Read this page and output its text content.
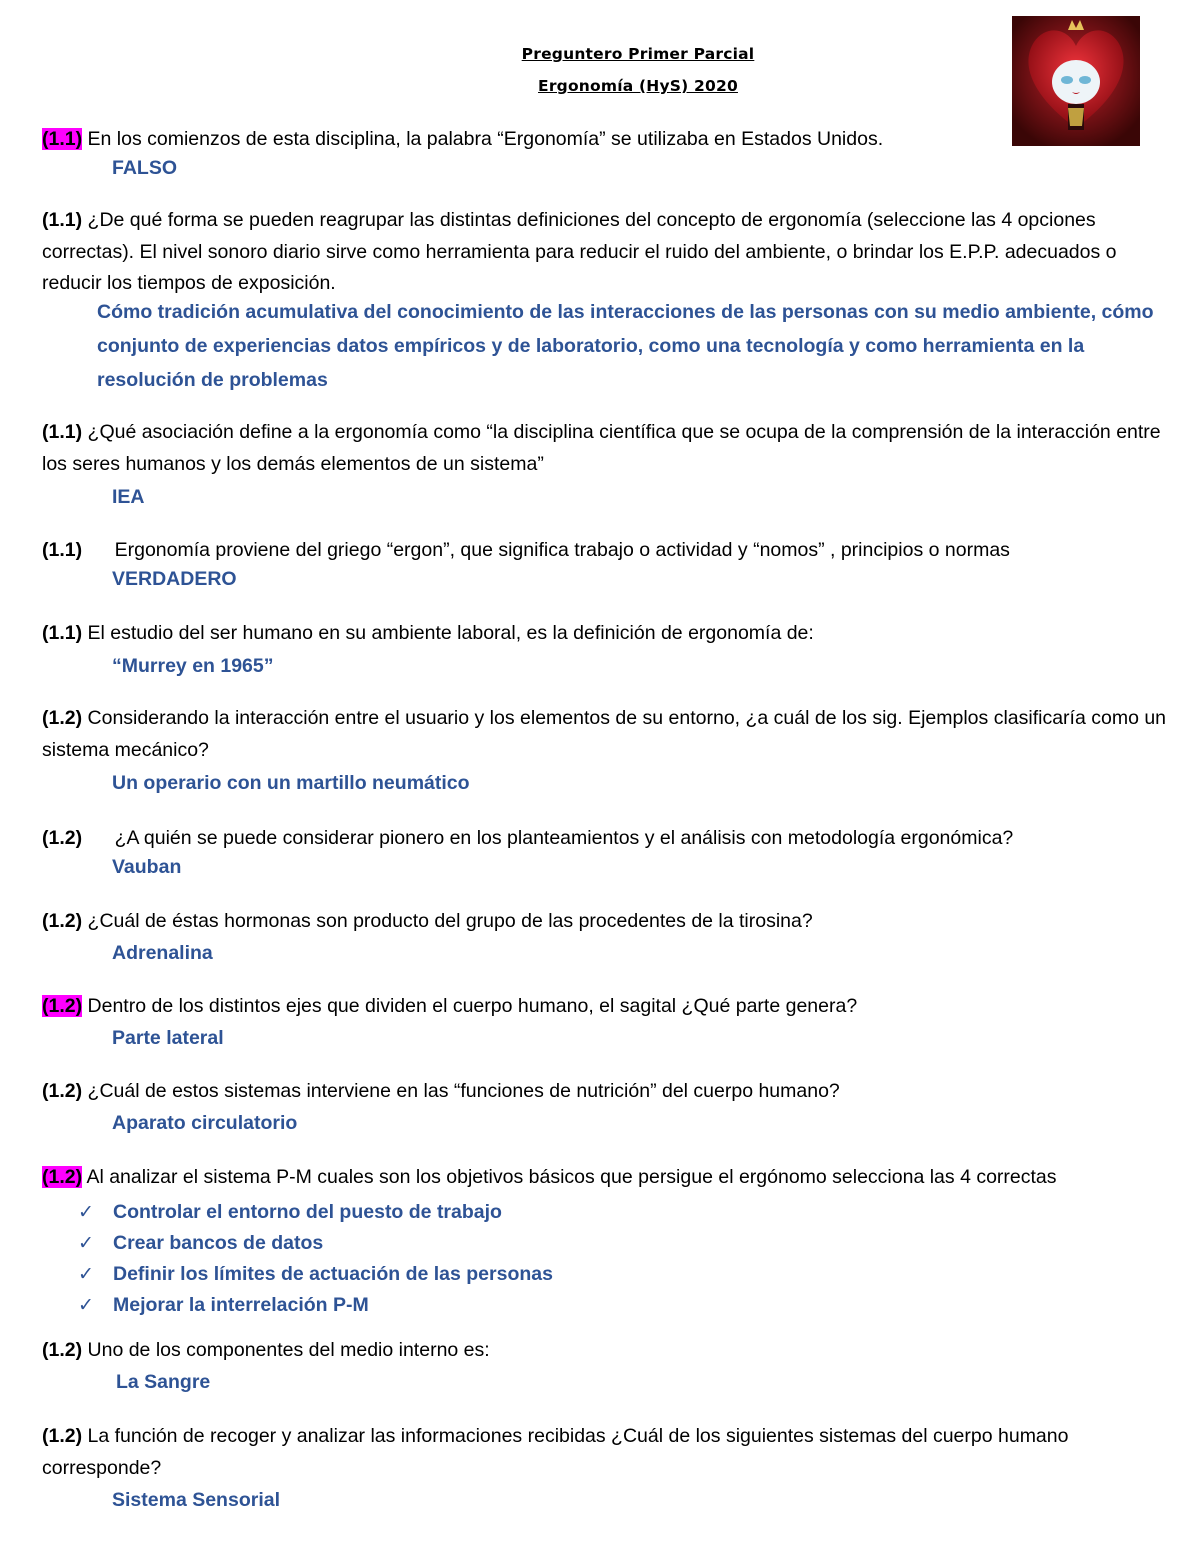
Preguntero Primer Parcial
Ergonomía (HyS) 2020
(1.1) En los comienzos de esta disciplina, la palabra “Ergonomía” se utilizaba en Estados Unidos.
FALSO
(1.1) ¿De qué forma se pueden reagrupar las distintas definiciones del concepto de ergonomía (seleccione las 4 opciones correctas). El nivel sonoro diario sirve como herramienta para reducir el ruido del ambiente, o brindar los E.P.P. adecuados o reducir los tiempos de exposición.
Cómo tradición acumulativa del conocimiento de las interacciones de las personas con su medio ambiente, cómo conjunto de experiencias datos empíricos y de laboratorio, como una tecnología y como herramienta en la resolución de problemas
(1.1) ¿Qué asociación define a la ergonomía como “la disciplina científica que se ocupa de la comprensión de la interacción entre los seres humanos y los demás elementos de un sistema”
IEA
(1.1)      Ergonomía proviene del griego “ergon”, que significa trabajo o actividad y “nomos” , principios o normas
VERDADERO
(1.1) El estudio del ser humano en su ambiente laboral, es la definición de ergonomía de:
“Murrey en 1965”
(1.2) Considerando la interacción entre el usuario y los elementos de su entorno, ¿a cuál de los sig. Ejemplos clasificaría como un sistema mecánico?
Un operario con un martillo neumático
(1.2)      ¿A quién se puede considerar pionero en los planteamientos y el análisis con metodología ergonómica?
Vauban
(1.2) ¿Cuál de éstas hormonas son producto del grupo de las procedentes de la tirosina?
Adrenalina
(1.2) Dentro de los distintos ejes que dividen el cuerpo humano, el sagital ¿Qué parte genera?
Parte lateral
(1.2) ¿Cuál de estos sistemas interviene en las “funciones de nutrición” del cuerpo humano?
Aparato circulatorio
(1.2) Al analizar el sistema P-M cuales son los objetivos básicos que persigue el ergónomo selecciona las 4 correctas
✓ Controlar el entorno del puesto de trabajo
✓ Crear bancos de datos
✓ Definir los límites de actuación de las personas
✓ Mejorar la interrelación P-M
(1.2) Uno de los componentes del medio interno es:
La Sangre
(1.2) La función de recoger y analizar las informaciones recibidas ¿Cuál de los siguientes sistemas del cuerpo humano corresponde?
Sistema Sensorial
